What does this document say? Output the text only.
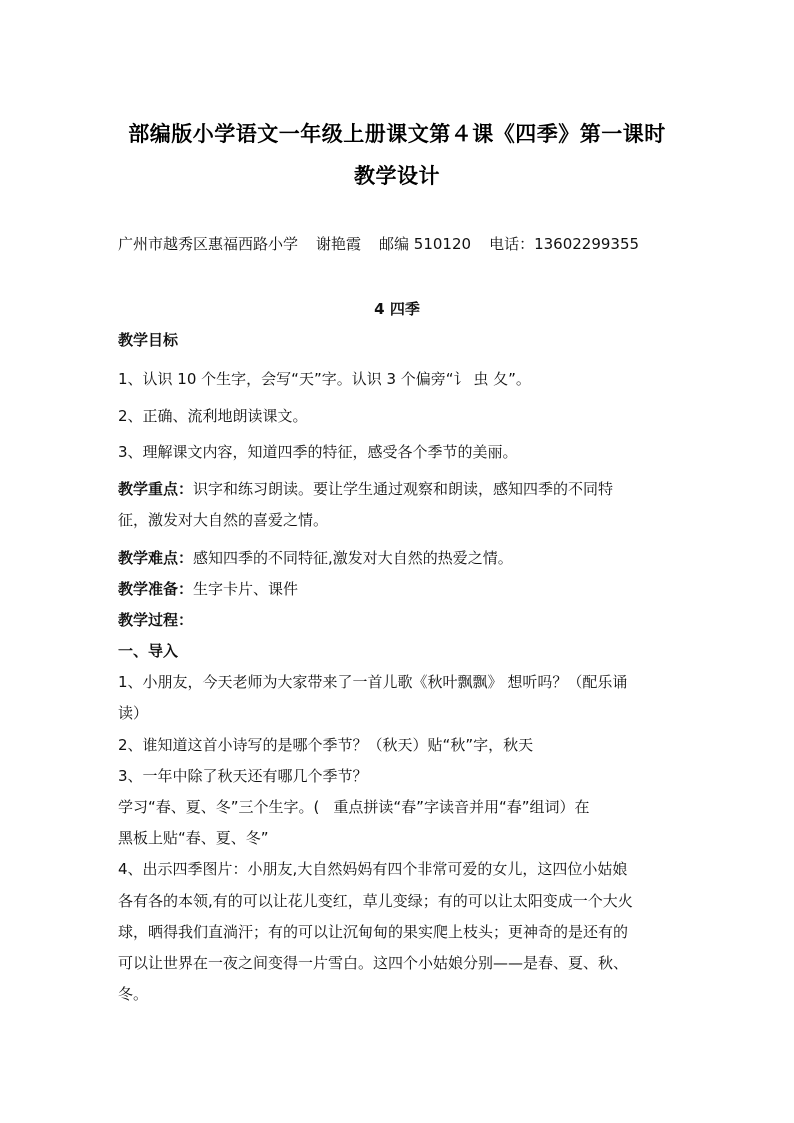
部编版小学语文一年级上册课文第４课《四季》第一课时
教学设计
广州市越秀区惠福西路小学 谢艳霞 邮编 510120 电话：13602299355
4 四季
教学目标
1、认识 10 个生字，会写“天”字。认识 3 个偏旁“讠 虫 夂”。
2、正确、流利地朗读课文。
3、理解课文内容，知道四季的特征，感受各个季节的美丽。
教学重点：识字和练习朗读。要让学生通过观察和朗读，感知四季的不同特
征，激发对大自然的喜爱之情。
教学难点：感知四季的不同特征,激发对大自然的热爱之情。
教学准备：生字卡片、课件
教学过程：
一、导入
1、小朋友，今天老师为大家带来了一首儿歌《秋叶飘飘》 想听吗？（配乐诵
读）
2、谁知道这首小诗写的是哪个季节？（秋天）贴“秋”字，秋天
3、一年中除了秋天还有哪几个季节？
学习“春、夏、冬”三个生字。( 重点拼读“春”字读音并用“春”组词）在
黑板上贴“春、夏、冬”
4、出示四季图片：小朋友,大自然妈妈有四个非常可爱的女儿，这四位小姑娘
各有各的本领,有的可以让花儿变红，草儿变绿；有的可以让太阳变成一个大火
球，晒得我们直淌汗；有的可以让沉甸甸的果实爬上枝头；更神奇的是还有的
可以让世界在一夜之间变得一片雪白。这四个小姑娘分别——是春、夏、秋、
冬。
